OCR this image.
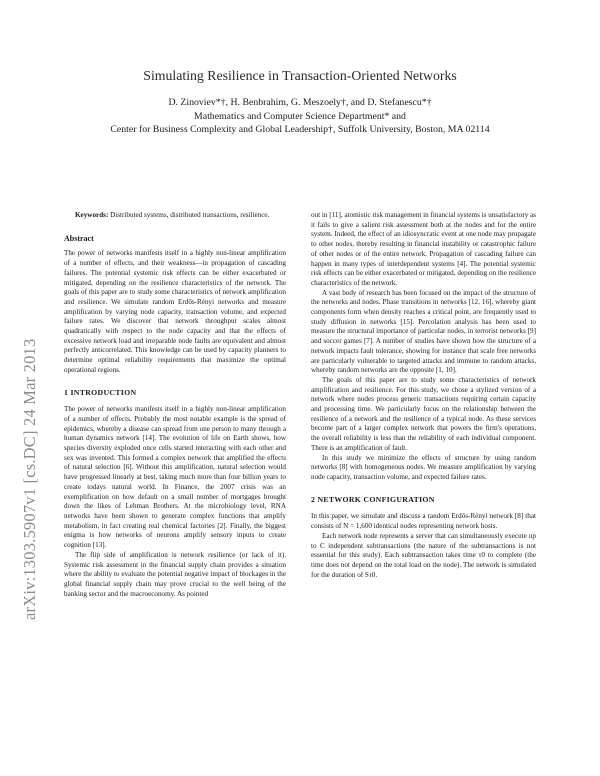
arXiv:1303.5907v1 [cs.DC] 24 Mar 2013
Simulating Resilience in Transaction-Oriented Networks
D. Zinoviev*†, H. Benbrahim, G. Meszoely†, and D. Stefanescu*†
Mathematics and Computer Science Department* and
Center for Business Complexity and Global Leadership†, Suffolk University, Boston, MA 02114

Keywords: Distributed systems, distributed transactions, resilience.

Abstract

The power of networks manifests itself in a highly non-linear amplification of a number of effects, and their weakness—in propagation of cascading failures. The potential systemic risk effects can be either exacerbated or mitigated, depending on the resilience characteristics of the network. The goals of this paper are to study some characteristics of network amplification and resilience. We simulate random Erdős-Rényi networks and measure amplification by varying node capacity, transaction volume, and expected failure rates. We discover that network throughput scales almost quadratically with respect to the node capacity and that the effects of excessive network load and irreparable node faults are equivalent and almost perfectly anticorrelated. This knowledge can be used by capacity planners to determine optimal reliability requirements that maximize the optimal operational regions.

1 INTRODUCTION

The power of networks manifests itself in a highly non-linear amplification of a number of effects. Probably the most notable example is the spread of epidemics, whereby a disease can spread from one person to many through a human dynamics network [14]. The evolution of life on Earth shows, how species diversity exploded once cells started interacting with each other and sex was invented. This formed a complex network that amplified the effects of natural selection [6]. Without this amplification, natural selection would have progressed linearly at best, taking much more than four billion years to create todays natural world. In Finance, the 2007 crisis was an exemplification on how default on a small number of mortgages brought down the likes of Lehman Brothers. At the microbiology level, RNA networks have been shown to generate complex functions that amplify metabolism, in fact creating real chemical factories [2]. Finally, the biggest enigma is how networks of neurons amplify sensory inputs to create cognition [13].

The flip side of amplification is network resilience (or lack of it). Systemic risk assessment in the financial supply chain provides a situation where the ability to evaluate the potential negative impact of blockages in the global financial supply chain may prove crucial to the well being of the banking sector and the macroeconomy. As pointed

out in [11], atomistic risk management in financial systems is unsatisfactory as it fails to give a salient risk assessment both at the nodes and for the entire system. Indeed, the effect of an idiosyncratic event at one node may propagate to other nodes, thereby resulting in financial instability or catastrophic failure of other nodes or of the entire network. Propagation of cascading failure can happen in many types of interdependent systems [4]. The potential systemic risk effects can be either exacerbated or mitigated, depending on the resilience characteristics of the network.

A vast body of research has been focused on the impact of the structure of the networks and nodes. Phase transitions in networks [12, 16], whereby giant components form when density reaches a critical point, are frequently used to study diffusion in networks [15]. Percolation analysis has been used to measure the structural importance of particular nodes, in terrorist networks [9] and soccer games [7]. A number of studies have shown how the structure of a network impacts fault tolerance, showing for instance that scale free networks are particularly vulnerable to targeted attacks and immune to random attacks, whereby random networks are the opposite [1, 10].

The goals of this paper are to study some characteristics of network amplification and resilience. For this study, we chose a stylized version of a network where nodes process generic transactions requiring certain capacity and processing time. We particularly focus on the relationship between the resilience of a network and the resilience of a typical node. As these services become part of a larger complex network that powers the firm's operations, the overall reliability is less than the reliability of each individual component. There is an amplification of fault.

In this study we minimize the effects of structure by using random networks [8] with homogeneous nodes. We measure amplification by varying node capacity, transaction volume, and expected failure rates.

2 NETWORK CONFIGURATION

In this paper, we simulate and discuss a random Erdős-Rényi network [8] that consists of N = 1,600 identical nodes representing network hosts.

Each network node represents a server that can simultaneously execute up to C independent subtransactions (the nature of the subtransactions is not essential for this study). Each subtransaction takes time τ0 to complete (the time does not depend on the total load on the node). The network is simulated for the duration of Sτ0.
